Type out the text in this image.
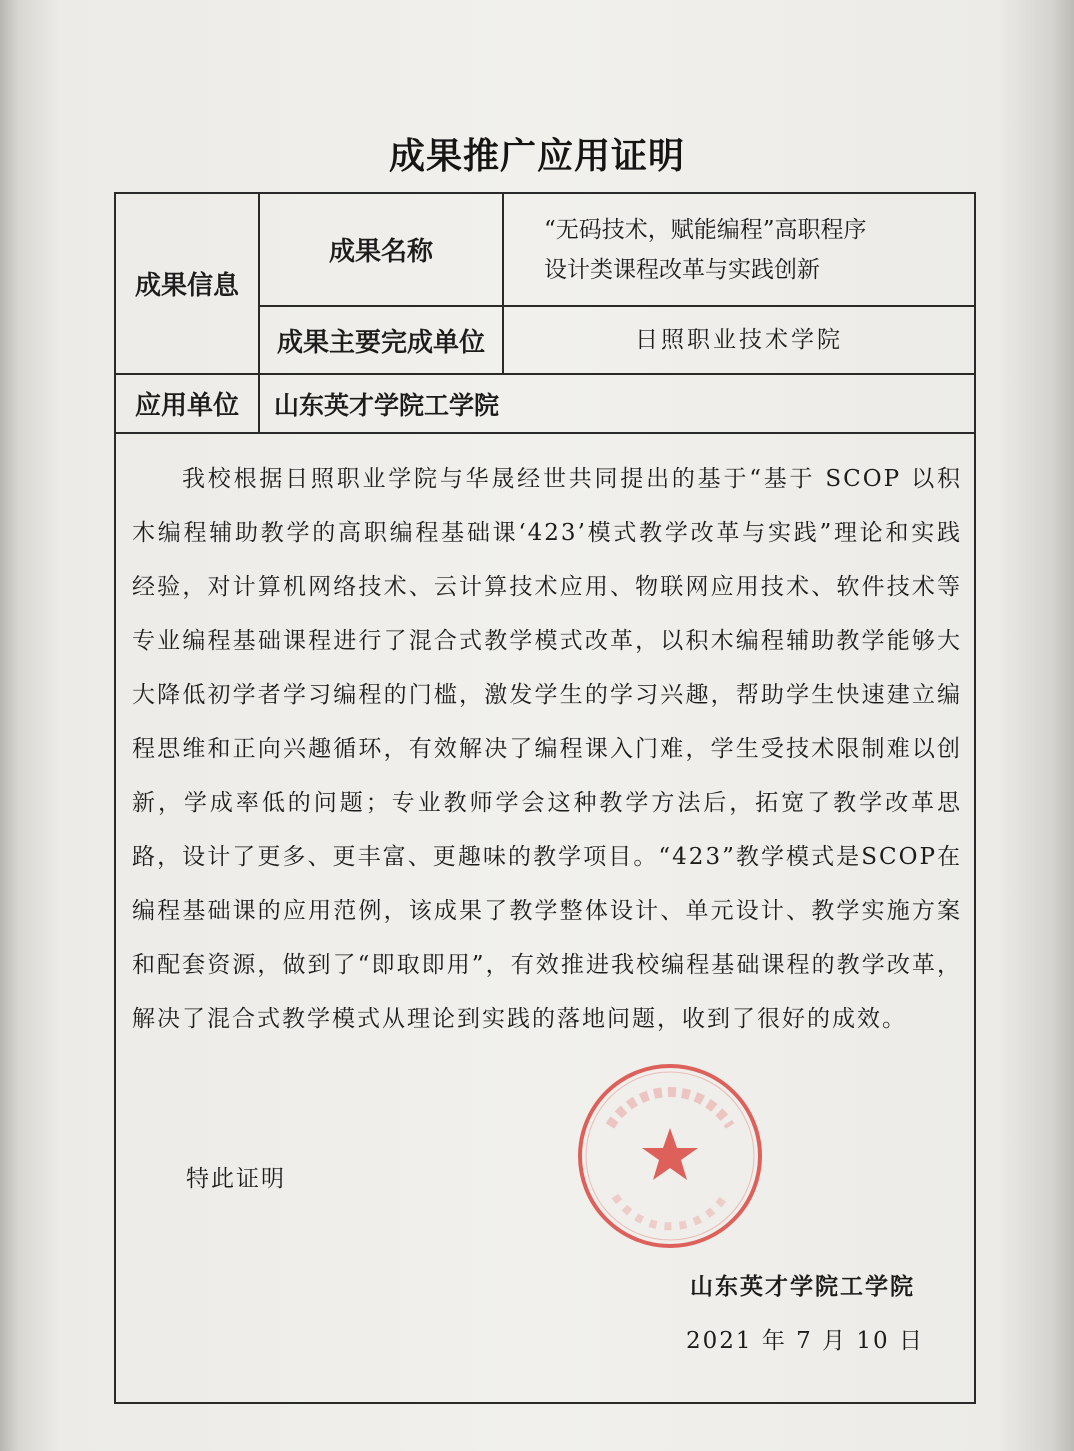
成果推广应用证明
成果信息
成果名称
“无码技术，赋能编程”高职程序
设计类课程改革与实践创新
成果主要完成单位	日照职业技术学院
应用单位	山东英才学院工学院
我校根据日照职业学院与华晟经世共同提出的基于“基于 SCOP 以积木编程辅助教学的高职编程基础课‘423’模式教学改革与实践”理论和实践经验，对计算机网络技术、云计算技术应用、物联网应用技术、软件技术等专业编程基础课程进行了混合式教学模式改革，以积木编程辅助教学能够大大降低初学者学习编程的门槛，激发学生的学习兴趣，帮助学生快速建立编程思维和正向兴趣循环，有效解决了编程课入门难，学生受技术限制难以创新，学成率低的问题；专业教师学会这种教学方法后，拓宽了教学改革思路，设计了更多、更丰富、更趣味的教学项目。“423”教学模式是SCOP在编程基础课的应用范例，该成果了教学整体设计、单元设计、教学实施方案和配套资源，做到了“即取即用”，有效推进我校编程基础课程的教学改革，解决了混合式教学模式从理论到实践的落地问题，收到了很好的成效。
特此证明
山东英才学院工学院
2021 年 7 月 10 日
